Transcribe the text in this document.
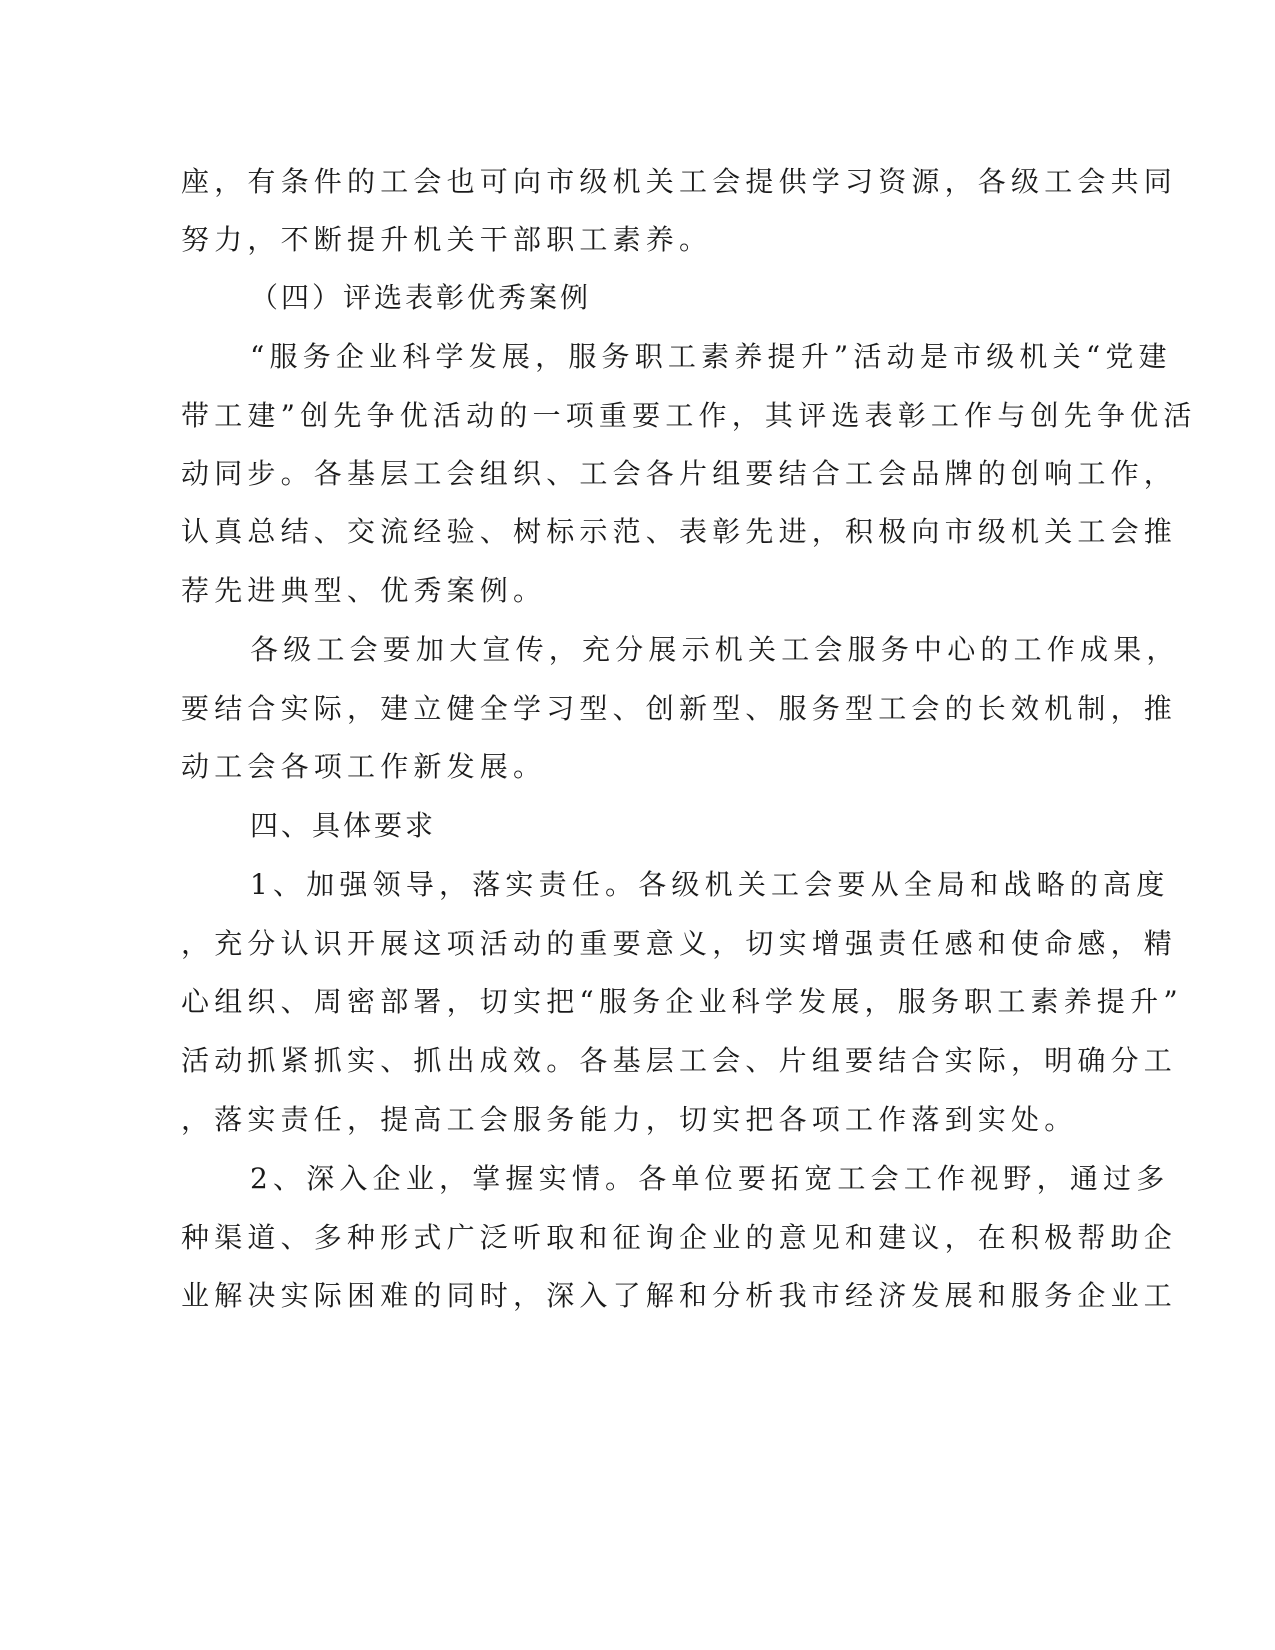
座，有条件的工会也可向市级机关工会提供学习资源，各级工会共同
努力，不断提升机关干部职工素养。
（四）评选表彰优秀案例
“服务企业科学发展，服务职工素养提升”活动是市级机关“党建
带工建”创先争优活动的一项重要工作，其评选表彰工作与创先争优活
动同步。各基层工会组织、工会各片组要结合工会品牌的创响工作，
认真总结、交流经验、树标示范、表彰先进，积极向市级机关工会推
荐先进典型、优秀案例。
各级工会要加大宣传，充分展示机关工会服务中心的工作成果，
要结合实际，建立健全学习型、创新型、服务型工会的长效机制，推
动工会各项工作新发展。
四、具体要求
1、加强领导，落实责任。各级机关工会要从全局和战略的高度
，充分认识开展这项活动的重要意义，切实增强责任感和使命感，精
心组织、周密部署，切实把“服务企业科学发展，服务职工素养提升”
活动抓紧抓实、抓出成效。各基层工会、片组要结合实际，明确分工
，落实责任，提高工会服务能力，切实把各项工作落到实处。
2、深入企业，掌握实情。各单位要拓宽工会工作视野，通过多
种渠道、多种形式广泛听取和征询企业的意见和建议，在积极帮助企
业解决实际困难的同时，深入了解和分析我市经济发展和服务企业工
